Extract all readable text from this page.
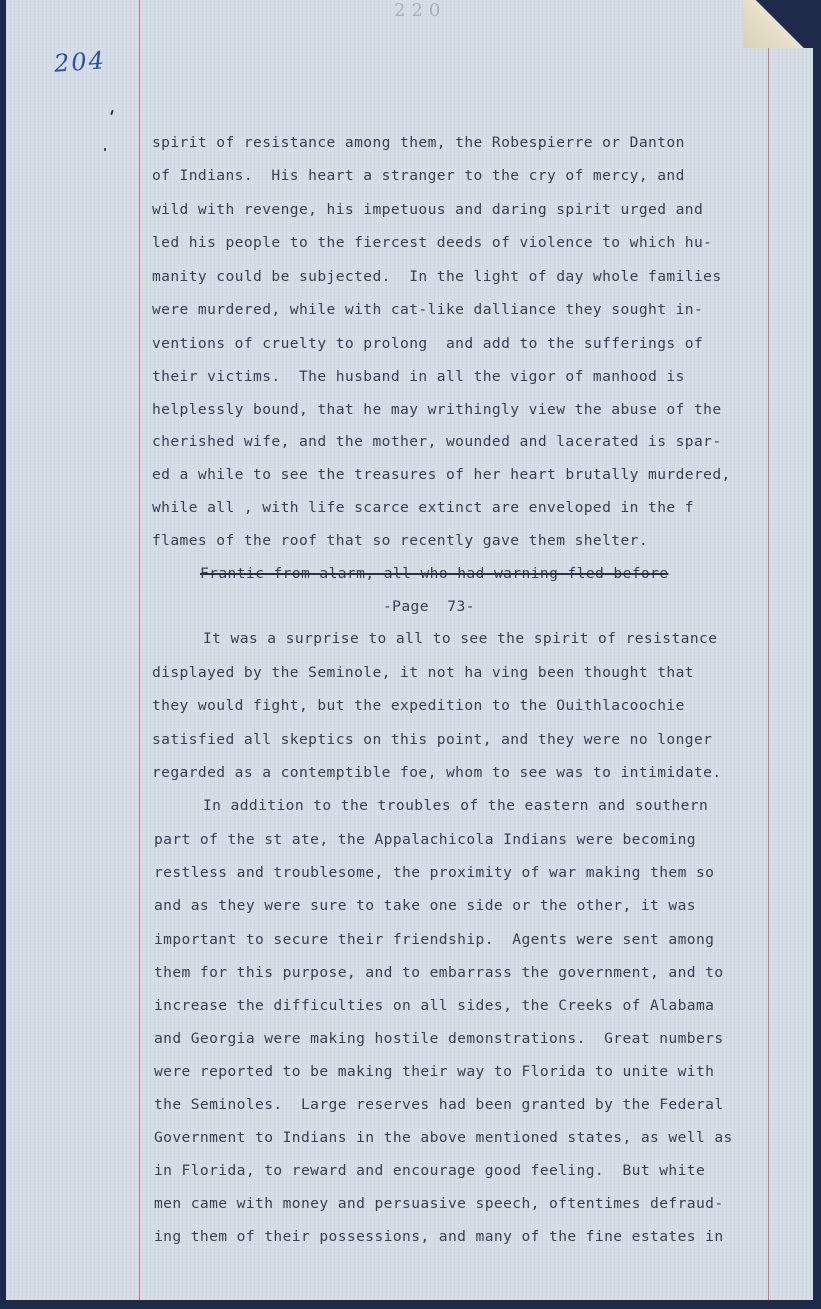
220
204

spirit of resistance among them, the Robespierre or Danton

of Indians.  His heart a stranger to the cry of mercy, and

wild with revenge, his impetuous and daring spirit urged and

led his people to the fiercest deeds of violence to which hu-

manity could be subjected.  In the light of day whole families

were murdered, while with cat-like dalliance they sought in-

ventions of cruelty to prolong  and add to the sufferings of

their victims.  The husband in all the vigor of manhood is

helplessly bound, that he may writhingly view the abuse of the

cherished wife, and the mother, wounded and lacerated is spar-

ed a while to see the treasures of her heart brutally murdered,

while all , with life scarce extinct are enveloped in the f

flames of the roof that so recently gave them shelter.

Frantic from alarm, all who had warning fled before

-Page  73-

It was a surprise to all to see the spirit of resistance

displayed by the Seminole, it not ha ving been thought that

they would fight, but the expedition to the Ouithlacoochie

satisfied all skeptics on this point, and they were no longer

regarded as a contemptible foe, whom to see was to intimidate.

In addition to the troubles of the eastern and southern

part of the st ate, the Appalachicola Indians were becoming

restless and troublesome, the proximity of war making them so

and as they were sure to take one side or the other, it was

important to secure their friendship.  Agents were sent among

them for this purpose, and to embarrass the government, and to

increase the difficulties on all sides, the Creeks of Alabama

and Georgia were making hostile demonstrations.  Great numbers

were reported to be making their way to Florida to unite with

the Seminoles.  Large reserves had been granted by the Federal

Government to Indians in the above mentioned states, as well as

in Florida, to reward and encourage good feeling.  But white

men came with money and persuasive speech, oftentimes defraud-

ing them of their possessions, and many of the fine estates in
